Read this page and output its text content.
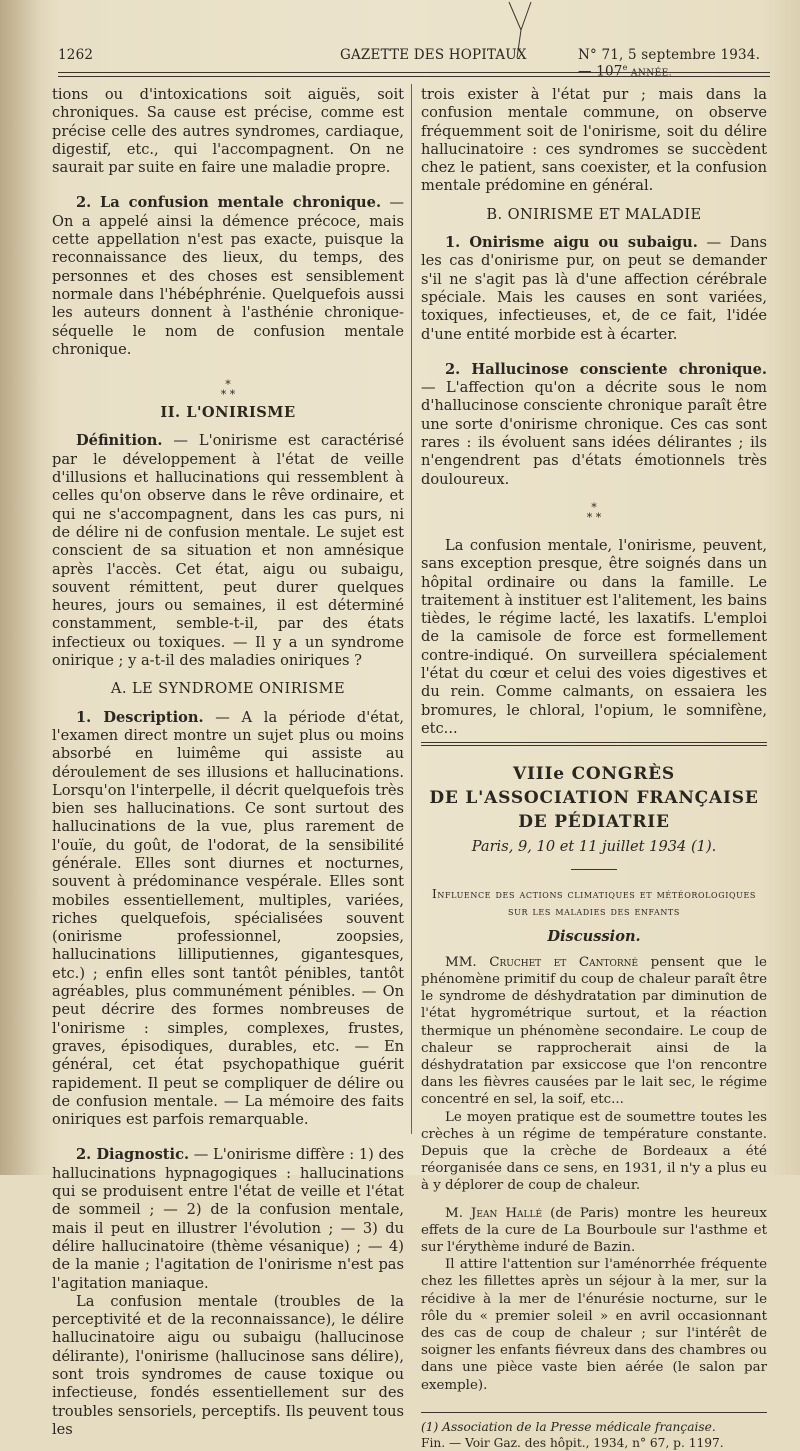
1262	GAZETTE DES HOPITAUX	N° 71, 5 septembre 1934. — 107e ANNÉE.

tions ou d'intoxications soit aiguës, soit chroniques. Sa cause est précise, comme est précise celle des autres syndromes, cardiaque, digestif, etc., qui l'accompagnent. On ne saurait par suite en faire une maladie propre.

2. La confusion mentale chronique. — On a appelé ainsi la démence précoce, mais cette appellation n'est pas exacte, puisque la reconnaissance des lieux, du temps, des personnes et des choses est sensiblement normale dans l'hébéphrénie. Quelquefois aussi les auteurs donnent à l'asthénie chronique-séquelle le nom de confusion mentale chronique.

*
* *
II. L'ONIRISME

Définition. — L'onirisme est caractérisé par le développement à l'état de veille d'illusions et hallucinations qui ressemblent à celles qu'on observe dans le rêve ordinaire, et qui ne s'accompagnent, dans les cas purs, ni de délire ni de confusion mentale. Le sujet est conscient de sa situation et non amnésique après l'accès. Cet état, aigu ou subaigu, souvent rémittent, peut durer quelques heures, jours ou semaines, il est déterminé constamment, semble-t-il, par des états infectieux ou toxiques. — Il y a un syndrome onirique ; y a-t-il des maladies oniriques ?

A. LE SYNDROME ONIRISME

1. Description. — A la période d'état, l'examen direct montre un sujet plus ou moins absorbé en luimême qui assiste au déroulement de ses illusions et hallucinations. Lorsqu'on l'interpelle, il décrit quelquefois très bien ses hallucinations. Ce sont surtout des hallucinations de la vue, plus rarement de l'ouïe, du goût, de l'odorat, de la sensibilité générale. Elles sont diurnes et nocturnes, souvent à prédominance vespérale. Elles sont mobiles essentiellement, multiples, variées, riches quelquefois, spécialisées souvent (onirisme professionnel, zoopsies, hallucinations lilliputiennes, gigantesques, etc.) ; enfin elles sont tantôt pénibles, tantôt agréables, plus communément pénibles. — On peut décrire des formes nombreuses de l'onirisme : simples, complexes, frustes, graves, épisodiques, durables, etc. — En général, cet état psychopathique guérit rapidement. Il peut se compliquer de délire ou de confusion mentale. — La mémoire des faits oniriques est parfois remarquable.

2. Diagnostic. — L'onirisme diffère : 1) des hallucinations hypnagogiques : hallucinations qui se produisent entre l'état de veille et l'état de sommeil ; — 2) de la confusion mentale, mais il peut en illustrer l'évolution ; — 3) du délire hallucinatoire (thème vésanique) ; — 4) de la manie ; l'agitation de l'onirisme n'est pas l'agitation maniaque.

La confusion mentale (troubles de la perceptivité et de la reconnaissance), le délire hallucinatoire aigu ou subaigu (hallucinose délirante), l'onirisme (hallucinose sans délire), sont trois syndromes de cause toxique ou infectieuse, fondés essentiellement sur des troubles sensoriels, perceptifs. Ils peuvent tous les

trois exister à l'état pur ; mais dans la confusion mentale commune, on observe fréquemment soit de l'onirisme, soit du délire hallucinatoire : ces syndromes se succèdent chez le patient, sans coexister, et la confusion mentale prédomine en général.

B. ONIRISME ET MALADIE

1. Onirisme aigu ou subaigu. — Dans les cas d'onirisme pur, on peut se demander s'il ne s'agit pas là d'une affection cérébrale spéciale. Mais les causes en sont variées, toxiques, infectieuses, et, de ce fait, l'idée d'une entité morbide est à écarter.

2. Hallucinose consciente chronique. — L'affection qu'on a décrite sous le nom d'hallucinose consciente chronique paraît être une sorte d'onirisme chronique. Ces cas sont rares : ils évoluent sans idées délirantes ; ils n'engendrent pas d'états émotionnels très douloureux.

*
* *

La confusion mentale, l'onirisme, peuvent, sans exception presque, être soignés dans un hôpital ordinaire ou dans la famille. Le traitement à instituer est l'alitement, les bains tièdes, le régime lacté, les laxatifs. L'emploi de la camisole de force est formellement contre-indiqué. On surveillera spécialement l'état du cœur et celui des voies digestives et du rein. Comme calmants, on essaiera les bromures, le chloral, l'opium, le somnifène, etc...

VIIIe CONGRÈS
DE L'ASSOCIATION FRANÇAISE DE PÉDIATRIE
Paris, 9, 10 et 11 juillet 1934 (1).
Influence des actions climatiques et météorologiques sur les maladies des enfants
Discussion.

MM. Cruchet et Cantorné pensent que le phénomène primitif du coup de chaleur paraît être le syndrome de déshydratation par diminution de l'état hygrométrique surtout, et la réaction thermique un phénomène secondaire. Le coup de chaleur se rapprocherait ainsi de la déshydratation par exsiccose que l'on rencontre dans les fièvres causées par le lait sec, le régime concentré en sel, la soif, etc...

Le moyen pratique est de soumettre toutes les crèches à un régime de température constante. Depuis que la crèche de Bordeaux a été réorganisée dans ce sens, en 1931, il n'y a plus eu à y déplorer de coup de chaleur.

M. Jean Hallé (de Paris) montre les heureux effets de la cure de La Bourboule sur l'asthme et sur l'érythème induré de Bazin.

Il attire l'attention sur l'aménorrhée fréquente chez les fillettes après un séjour à la mer, sur la récidive à la mer de l'énurésie nocturne, sur le rôle du « premier soleil » en avril occasionnant des cas de coup de chaleur ; sur l'intérêt de soigner les enfants fiévreux dans des chambres ou dans une pièce vaste bien aérée (le salon par exemple).

(1) Association de la Presse médicale française.
Fin. — Voir Gaz. des hôpit., 1934, n° 67, p. 1197.
